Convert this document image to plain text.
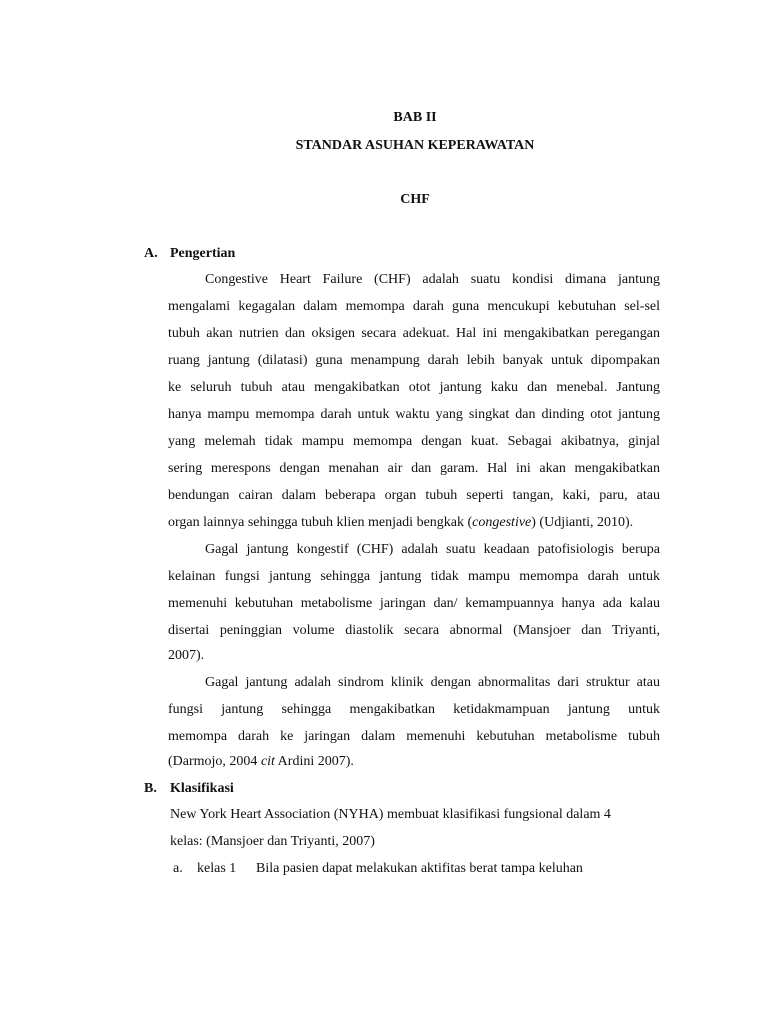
BAB II
STANDAR ASUHAN KEPERAWATAN
CHF
A. Pengertian
Congestive Heart Failure (CHF) adalah suatu kondisi dimana jantung
mengalami kegagalan dalam memompa darah guna mencukupi kebutuhan sel-sel
tubuh akan nutrien dan oksigen secara adekuat. Hal ini mengakibatkan peregangan
ruang jantung (dilatasi) guna menampung darah lebih banyak untuk dipompakan
ke seluruh tubuh atau mengakibatkan otot jantung kaku dan menebal. Jantung
hanya mampu memompa darah untuk waktu yang singkat dan dinding otot jantung
yang melemah tidak mampu memompa dengan kuat. Sebagai akibatnya, ginjal
sering merespons dengan menahan air dan garam. Hal ini akan mengakibatkan
bendungan cairan dalam beberapa organ tubuh seperti tangan, kaki, paru, atau
organ lainnya sehingga tubuh klien menjadi bengkak (congestive) (Udjianti, 2010).
Gagal jantung kongestif (CHF) adalah suatu keadaan patofisiologis berupa
kelainan fungsi jantung sehingga jantung tidak mampu memompa darah untuk
memenuhi kebutuhan metabolisme jaringan dan/ kemampuannya hanya ada kalau
disertai peninggian volume diastolik secara abnormal (Mansjoer dan Triyanti,
2007).
Gagal jantung adalah sindrom klinik dengan abnormalitas dari struktur atau
fungsi jantung sehingga mengakibatkan ketidakmampuan jantung untuk
memompa darah ke jaringan dalam memenuhi kebutuhan metabolisme tubuh
(Darmojo, 2004 cit Ardini 2007).
B. Klasifikasi
New York Heart Association (NYHA) membuat klasifikasi fungsional dalam 4
kelas: (Mansjoer dan Triyanti, 2007)
a. kelas 1 Bila pasien dapat melakukan aktifitas berat tampa keluhan
